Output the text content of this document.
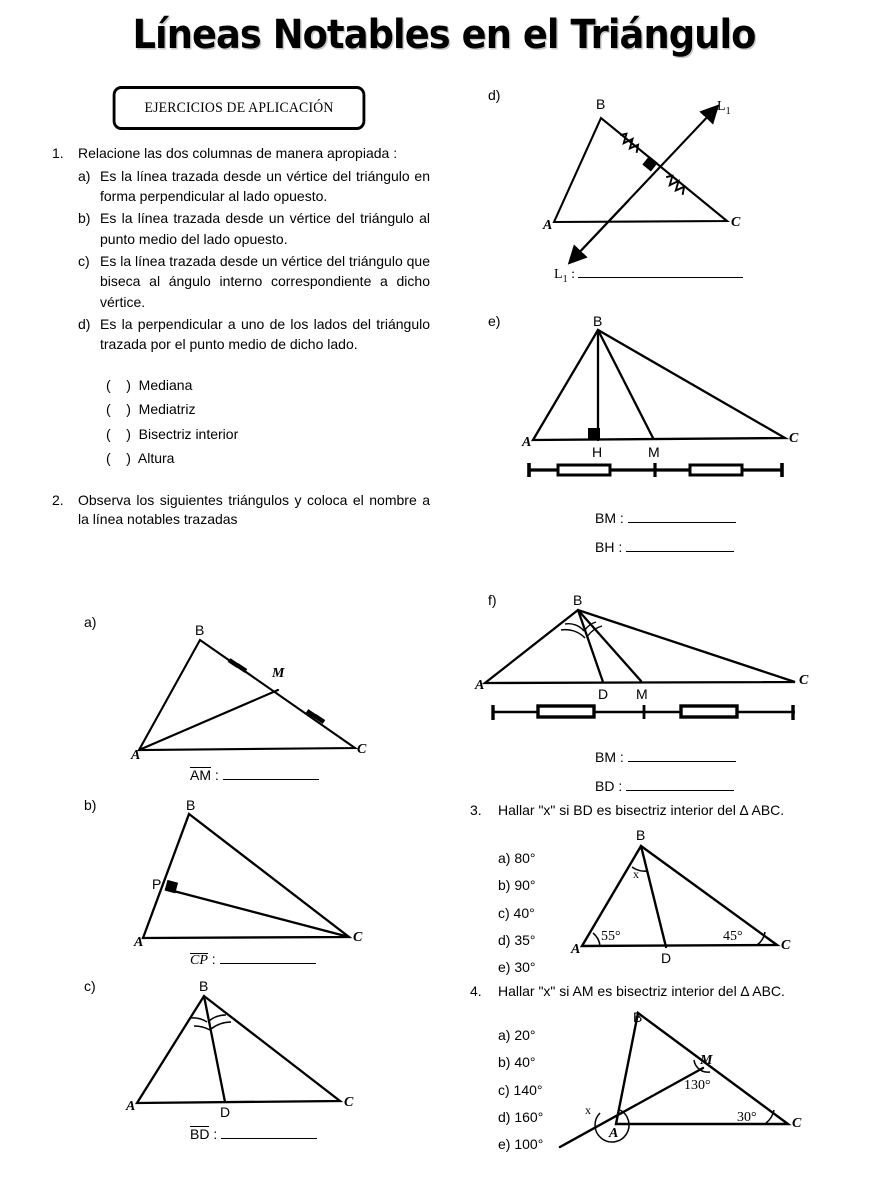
Líneas Notables en el Triángulo
EJERCICIOS DE APLICACIÓN
1.	Relacione las dos columnas de manera apropiada :
a) Es la línea trazada desde un vértice del triángulo en forma perpendicular al lado opuesto.
b) Es la línea trazada desde un vértice del triángulo al punto medio del lado opuesto.
c) Es la línea trazada desde un vértice del triángulo que biseca al ángulo interno correspondiente a dicho vértice.
d) Es la perpendicular a uno de los lados del triángulo trazada por el punto medio de dicho lado.
(    )  Mediana
(    )  Mediatriz
(    )  Bisectriz interior
(    )  Altura
2.	Observa los siguientes triángulos y coloca el nombre a la línea notables trazadas
a)
A
B
C
M
AM :
b)
A
B
C
P
CP :
c)
A
B
C
D
BD :
d)
B
A	C
$L_1$
$L_1$ :
e)
A
B
C
H	M
BM :
BH :
f)
A
B
C
D M
BM :
BD :
3.	Hallar "x" si BD es bisectriz interior del ∆ ABC.
a) 80°
b) 90°
c) 40°
d) 35°
e) 30°
B
A	C
D
x
55°	45°
4.	Hallar "x" si AM es bisectriz interior del ∆ ABC.
a) 20°
b) 40°
c) 140°
d) 160°
e) 100°
B
A
C
M
x
130°
30°
